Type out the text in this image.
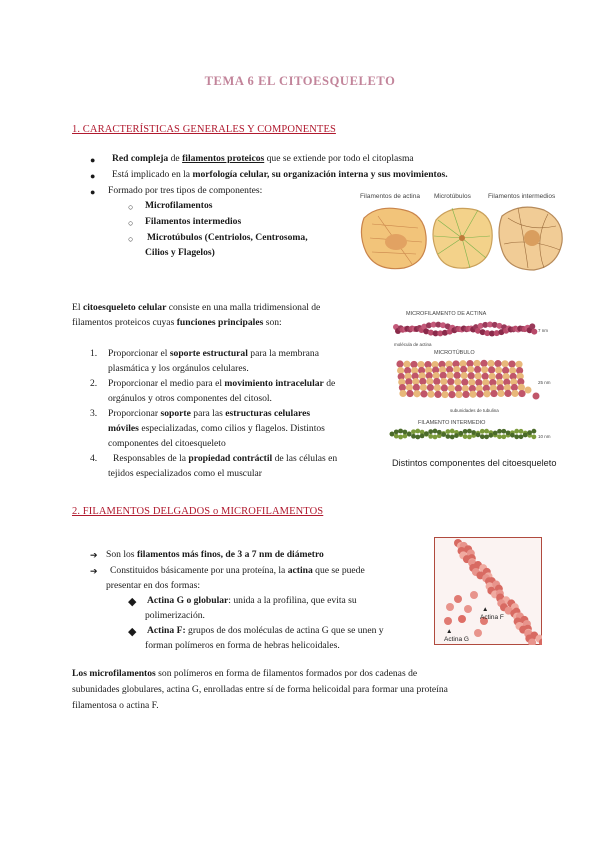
TEMA 6 EL CITOESQUELETO
1. CARACTERÍSTICAS GENERALES Y COMPONENTES
● Red compleja de filamentos proteicos que se extiende por todo el citoplasma
● Está implicado en la morfología celular, su organización interna y sus movimientos.
● Formado por tres tipos de componentes:
○ Microfilamentos
○ Filamentos intermedios
○ Microtúbulos (Centriolos, Centrosoma,
Cilios y Flagelos)
Filamentos de actina Microtúbulos	Filamentos intermedios
El citoesqueleto celular consiste en una malla tridimensional de
filamentos proteicos cuyas funciones principales son:
1. Proporcionar el soporte estructural para la membrana
plasmática y los orgánulos celulares.
2. Proporcionar el medio para el movimiento intracelular de
orgánulos y otros componentes del citosol.
3. Proporcionar soporte para las estructuras celulares
móviles especializadas, como cilios y flagelos. Distintos
componentes del citoesqueleto
4. Responsables de la propiedad contráctil de las células en
tejidos especializados como el muscular
MICROFILAMENTO DE ACTINA
7 nm
molécula de actina
MICROTÚBULO
25 nm
subunidades de tubulina
FILAMENTO INTERMEDIO
10 nm
Distintos componentes del citoesqueleto
2. FILAMENTOS DELGADOS o MICROFILAMENTOS
➔ Son los filamentos más finos, de 3 a 7 nm de diámetro
➔ Constituidos básicamente por una proteína, la actina que se puede
presentar en dos formas:
◆ Actina G o globular: unida a la profilina, que evita su
polimerización.
◆ Actina F: grupos de dos moléculas de actina G que se unen y
forman polímeros en forma de hebras helicoidales.
▲
Actina F
▲
Actina G
Los microfilamentos son polímeros en forma de filamentos formados por dos cadenas de
subunidades globulares, actina G, enrolladas entre sí de forma helicoidal para formar una proteína
filamentosa o actina F.
